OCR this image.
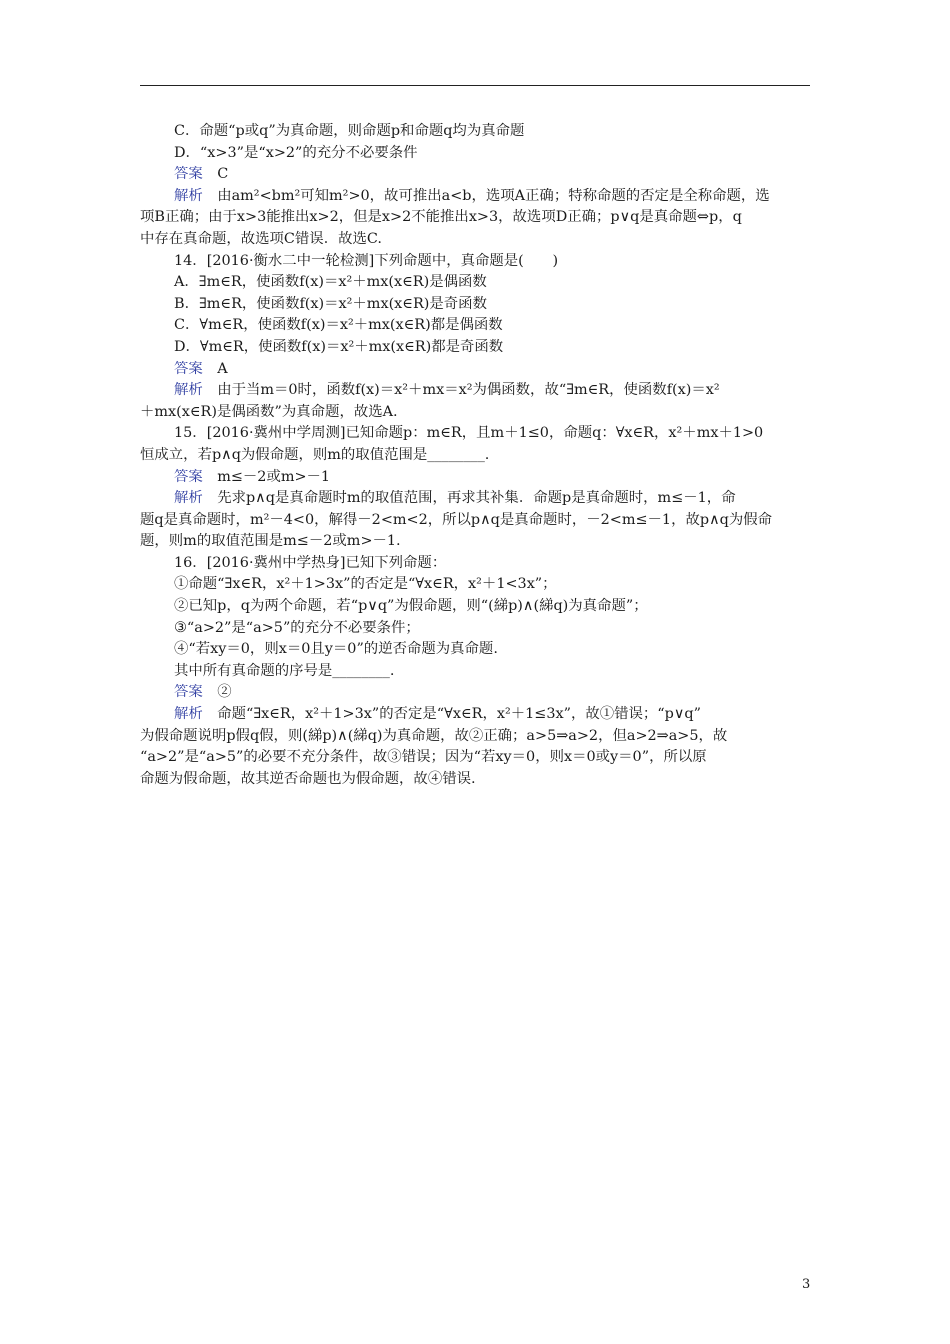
C．命题“p或q”为真命题，则命题p和命题q均为真命题
D．“x>3”是“x>2”的充分不必要条件
答案　C
解析　由am²<bm²可知m²>0，故可推出a<b，选项A正确；特称命题的否定是全称命题，选
项B正确；由于x>3能推出x>2，但是x>2不能推出x>3，故选项D正确；p∨q是真命题⇔p，q
中存在真命题，故选项C错误．故选C.
14．[2016·衡水二中一轮检测]下列命题中，真命题是(　　)
A．∃m∈R，使函数f(x)＝x²＋mx(x∈R)是偶函数
B．∃m∈R，使函数f(x)＝x²＋mx(x∈R)是奇函数
C．∀m∈R，使函数f(x)＝x²＋mx(x∈R)都是偶函数
D．∀m∈R，使函数f(x)＝x²＋mx(x∈R)都是奇函数
答案　A
解析　由于当m＝0时，函数f(x)＝x²＋mx＝x²为偶函数，故“∃m∈R，使函数f(x)＝x²
＋mx(x∈R)是偶函数”为真命题，故选A.
15．[2016·冀州中学周测]已知命题p：m∈R，且m＋1≤0，命题q：∀x∈R，x²＋mx＋1>0
恒成立，若p∧q为假命题，则m的取值范围是________.
答案　m≤－2或m>－1
解析　先求p∧q是真命题时m的取值范围，再求其补集．命题p是真命题时，m≤－1，命
题q是真命题时，m²－4<0，解得－2<m<2，所以p∧q是真命题时，－2<m≤－1，故p∧q为假命
题，则m的取值范围是m≤－2或m>－1.
16．[2016·冀州中学热身]已知下列命题：
①命题“∃x∈R，x²＋1>3x”的否定是“∀x∈R，x²＋1<3x”；
②已知p，q为两个命题，若“p∨q”为假命题，则“(綈p)∧(綈q)为真命题”；
③“a>2”是“a>5”的充分不必要条件；
④“若xy＝0，则x＝0且y＝0”的逆否命题为真命题.
其中所有真命题的序号是________.
答案　②
解析　命题“∃x∈R，x²＋1>3x”的否定是“∀x∈R，x²＋1≤3x”，故①错误；“p∨q”
为假命题说明p假q假，则(綈p)∧(綈q)为真命题，故②正确；a>5⇒a>2，但a>2⇒a>5，故
“a>2”是“a>5”的必要不充分条件，故③错误；因为“若xy＝0，则x＝0或y＝0”，所以原
命题为假命题，故其逆否命题也为假命题，故④错误.
3
